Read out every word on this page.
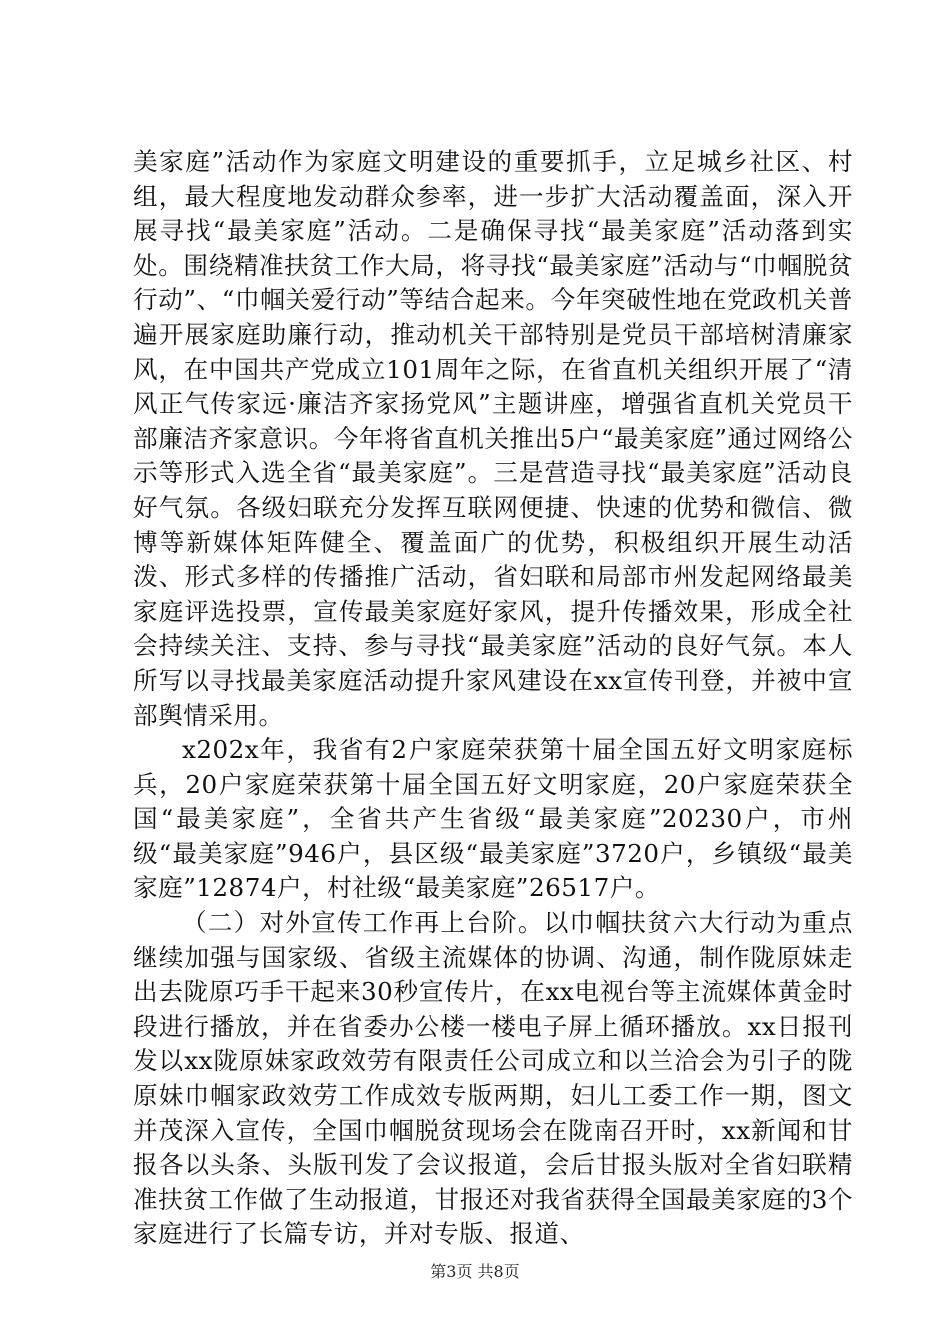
美家庭”活动作为家庭文明建设的重要抓手，立足城乡社区、村组，最大程度地发动群众参率，进一步扩大活动覆盖面，深入开展寻找“最美家庭”活动。二是确保寻找“最美家庭”活动落到实处。围绕精准扶贫工作大局，将寻找“最美家庭”活动与“巾帼脱贫行动”、“巾帼关爱行动”等结合起来。今年突破性地在党政机关普遍开展家庭助廉行动，推动机关干部特别是党员干部培树清廉家风，在中国共产党成立101周年之际，在省直机关组织开展了“清风正气传家远·廉洁齐家扬党风”主题讲座，增强省直机关党员干部廉洁齐家意识。今年将省直机关推出5户“最美家庭”通过网络公示等形式入选全省“最美家庭”。三是营造寻找“最美家庭”活动良好气氛。各级妇联充分发挥互联网便捷、快速的优势和微信、微博等新媒体矩阵健全、覆盖面广的优势，积极组织开展生动活泼、形式多样的传播推广活动，省妇联和局部市州发起网络最美家庭评选投票，宣传最美家庭好家风，提升传播效果，形成全社会持续关注、支持、参与寻找“最美家庭”活动的良好气氛。本人所写以寻找最美家庭活动提升家风建设在xx宣传刊登，并被中宣部舆情采用。

x202x年，我省有2户家庭荣获第十届全国五好文明家庭标兵，20户家庭荣获第十届全国五好文明家庭，20户家庭荣获全国“最美家庭”，全省共产生省级“最美家庭”20230户，市州级“最美家庭”946户，县区级“最美家庭”3720户，乡镇级“最美家庭”12874户，村社级“最美家庭”26517户。

（二）对外宣传工作再上台阶。以巾帼扶贫六大行动为重点继续加强与国家级、省级主流媒体的协调、沟通，制作陇原妹走出去陇原巧手干起来30秒宣传片，在xx电视台等主流媒体黄金时段进行播放，并在省委办公楼一楼电子屏上循环播放。xx日报刊发以xx陇原妹家政效劳有限责任公司成立和以兰洽会为引子的陇原妹巾帼家政效劳工作成效专版两期，妇儿工委工作一期，图文并茂深入宣传，全国巾帼脱贫现场会在陇南召开时，xx新闻和甘报各以头条、头版刊发了会议报道，会后甘报头版对全省妇联精准扶贫工作做了生动报道，甘报还对我省获得全国最美家庭的3个家庭进行了长篇专访，并对专版、报道、

第3页 共8页
